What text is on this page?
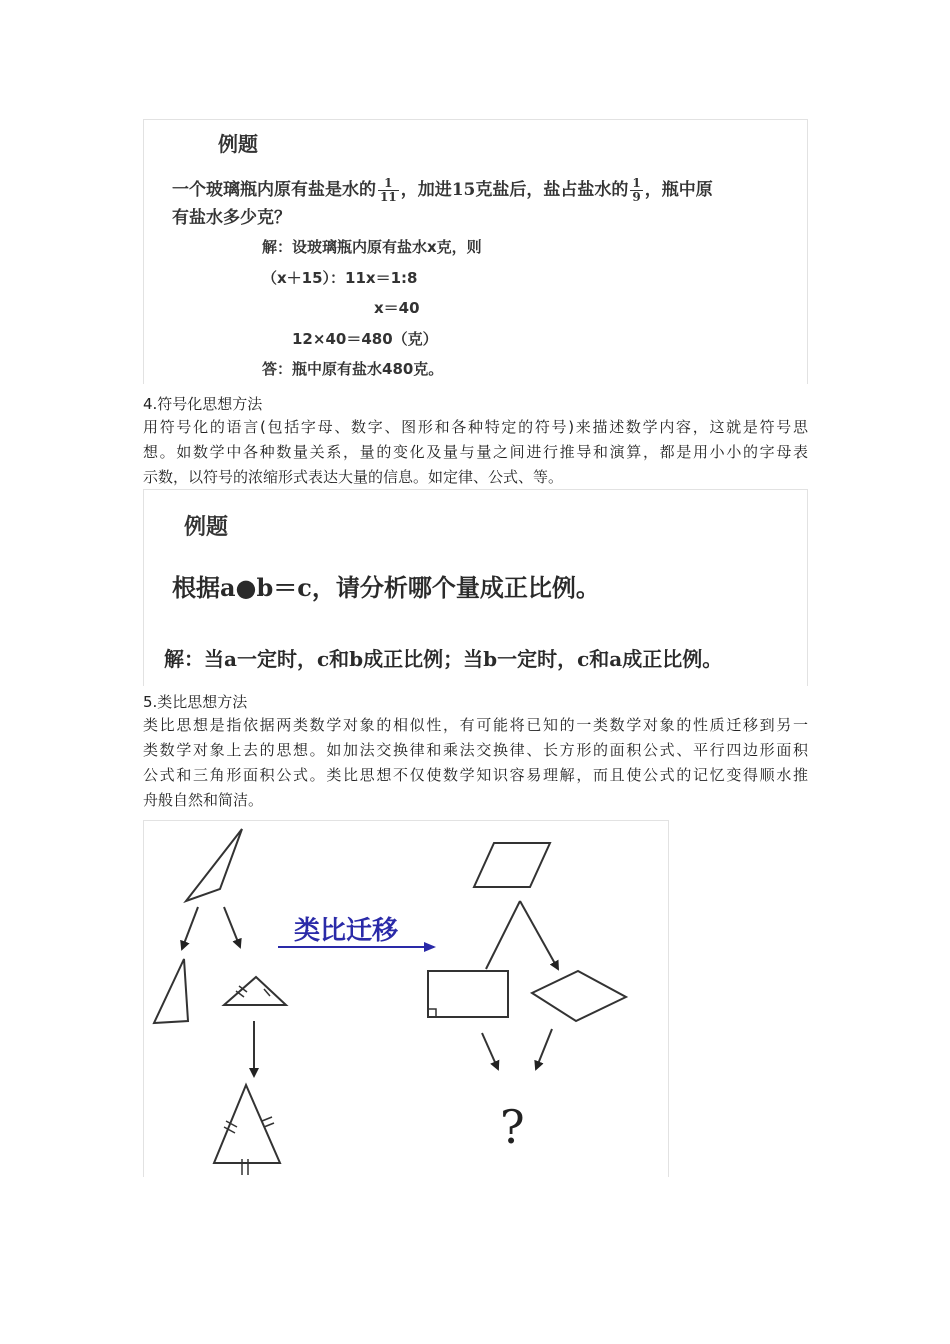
例题
一个玻璃瓶内原有盐是水的 $\frac{1}{11}$ ，加进15克盐后，盐占盐水的 $\frac{1}{9}$ ，瓶中原
有盐水多少克？
解：设玻璃瓶内原有盐水x克，则
（x＋15）：11x＝1:8
x＝40
12×40＝480（克）
答：瓶中原有盐水480克。
4.符号化思想方法
用符号化的语言(包括字母、数字、图形和各种特定的符号)来描述数学内容，这就是符号思
想。如数学中各种数量关系，量的变化及量与量之间进行推导和演算，都是用小小的字母表
示数，以符号的浓缩形式表达大量的信息。如定律、公式、等。
例题
根据a●b＝c，请分析哪个量成正比例。
解：当a一定时，c和b成正比例；当b一定时，c和a成正比例。
5.类比思想方法
类比思想是指依据两类数学对象的相似性，有可能将已知的一类数学对象的性质迁移到另一
类数学对象上去的思想。如加法交换律和乘法交换律、长方形的面积公式、平行四边形面积
公式和三角形面积公式。类比思想不仅使数学知识容易理解，而且使公式的记忆变得顺水推
舟般自然和简洁。
类比迁移
?
